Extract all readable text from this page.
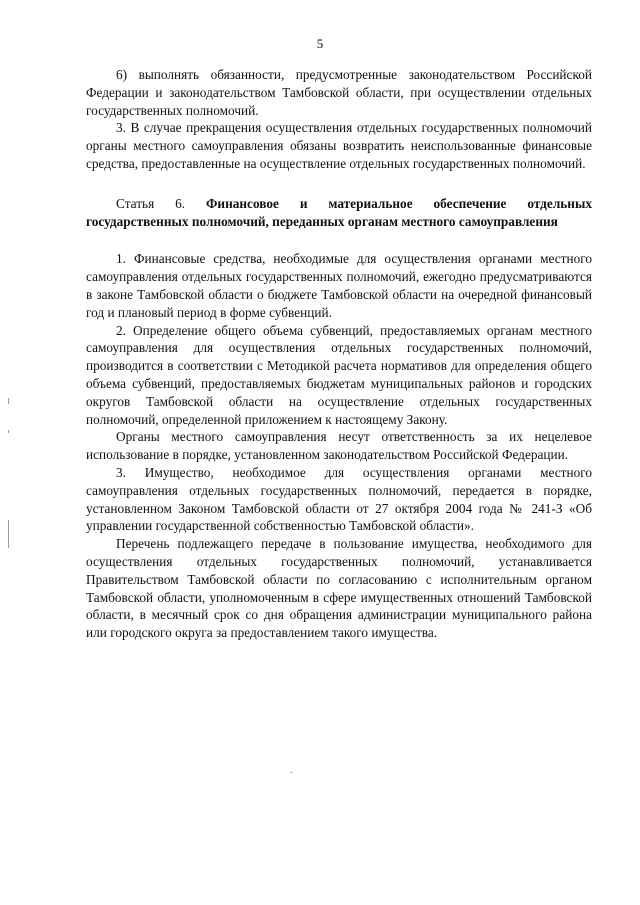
5

6) выполнять обязанности, предусмотренные законодательством Российской Федерации и законодательством Тамбовской области, при осуществлении отдельных государственных полномочий.

3. В случае прекращения осуществления отдельных государственных полномочий органы местного самоуправления обязаны возвратить неиспользованные финансовые средства, предоставленные на осуществление отдельных государственных полномочий.

Статья 6. Финансовое и материальное обеспечение отдельных государственных полномочий, переданных органам местного самоуправления

1. Финансовые средства, необходимые для осуществления органами местного самоуправления отдельных государственных полномочий, ежегодно предусматриваются в законе Тамбовской области о бюджете Тамбовской области на очередной финансовый год и плановый период в форме субвенций.

2. Определение общего объема субвенций, предоставляемых органам местного самоуправления для осуществления отдельных государственных полномочий, производится в соответствии с Методикой расчета нормативов для определения общего объема субвенций, предоставляемых бюджетам муниципальных районов и городских округов Тамбовской области на осуществление отдельных государственных полномочий, определенной приложением к настоящему Закону.

Органы местного самоуправления несут ответственность за их нецелевое использование в порядке, установленном законодательством Российской Федерации.

3. Имущество, необходимое для осуществления органами местного самоуправления отдельных государственных полномочий, передается в порядке, установленном Законом Тамбовской области от 27 октября 2004 года № 241-З «Об управлении государственной собственностью Тамбовской области».

Перечень подлежащего передаче в пользование имущества, необходимого для осуществления отдельных государственных полномочий, устанавливается Правительством Тамбовской области по согласованию с исполнительным органом Тамбовской области, уполномоченным в сфере имущественных отношений Тамбовской области, в месячный срок со дня обращения администрации муниципального района или городского округа за предоставлением такого имущества.
